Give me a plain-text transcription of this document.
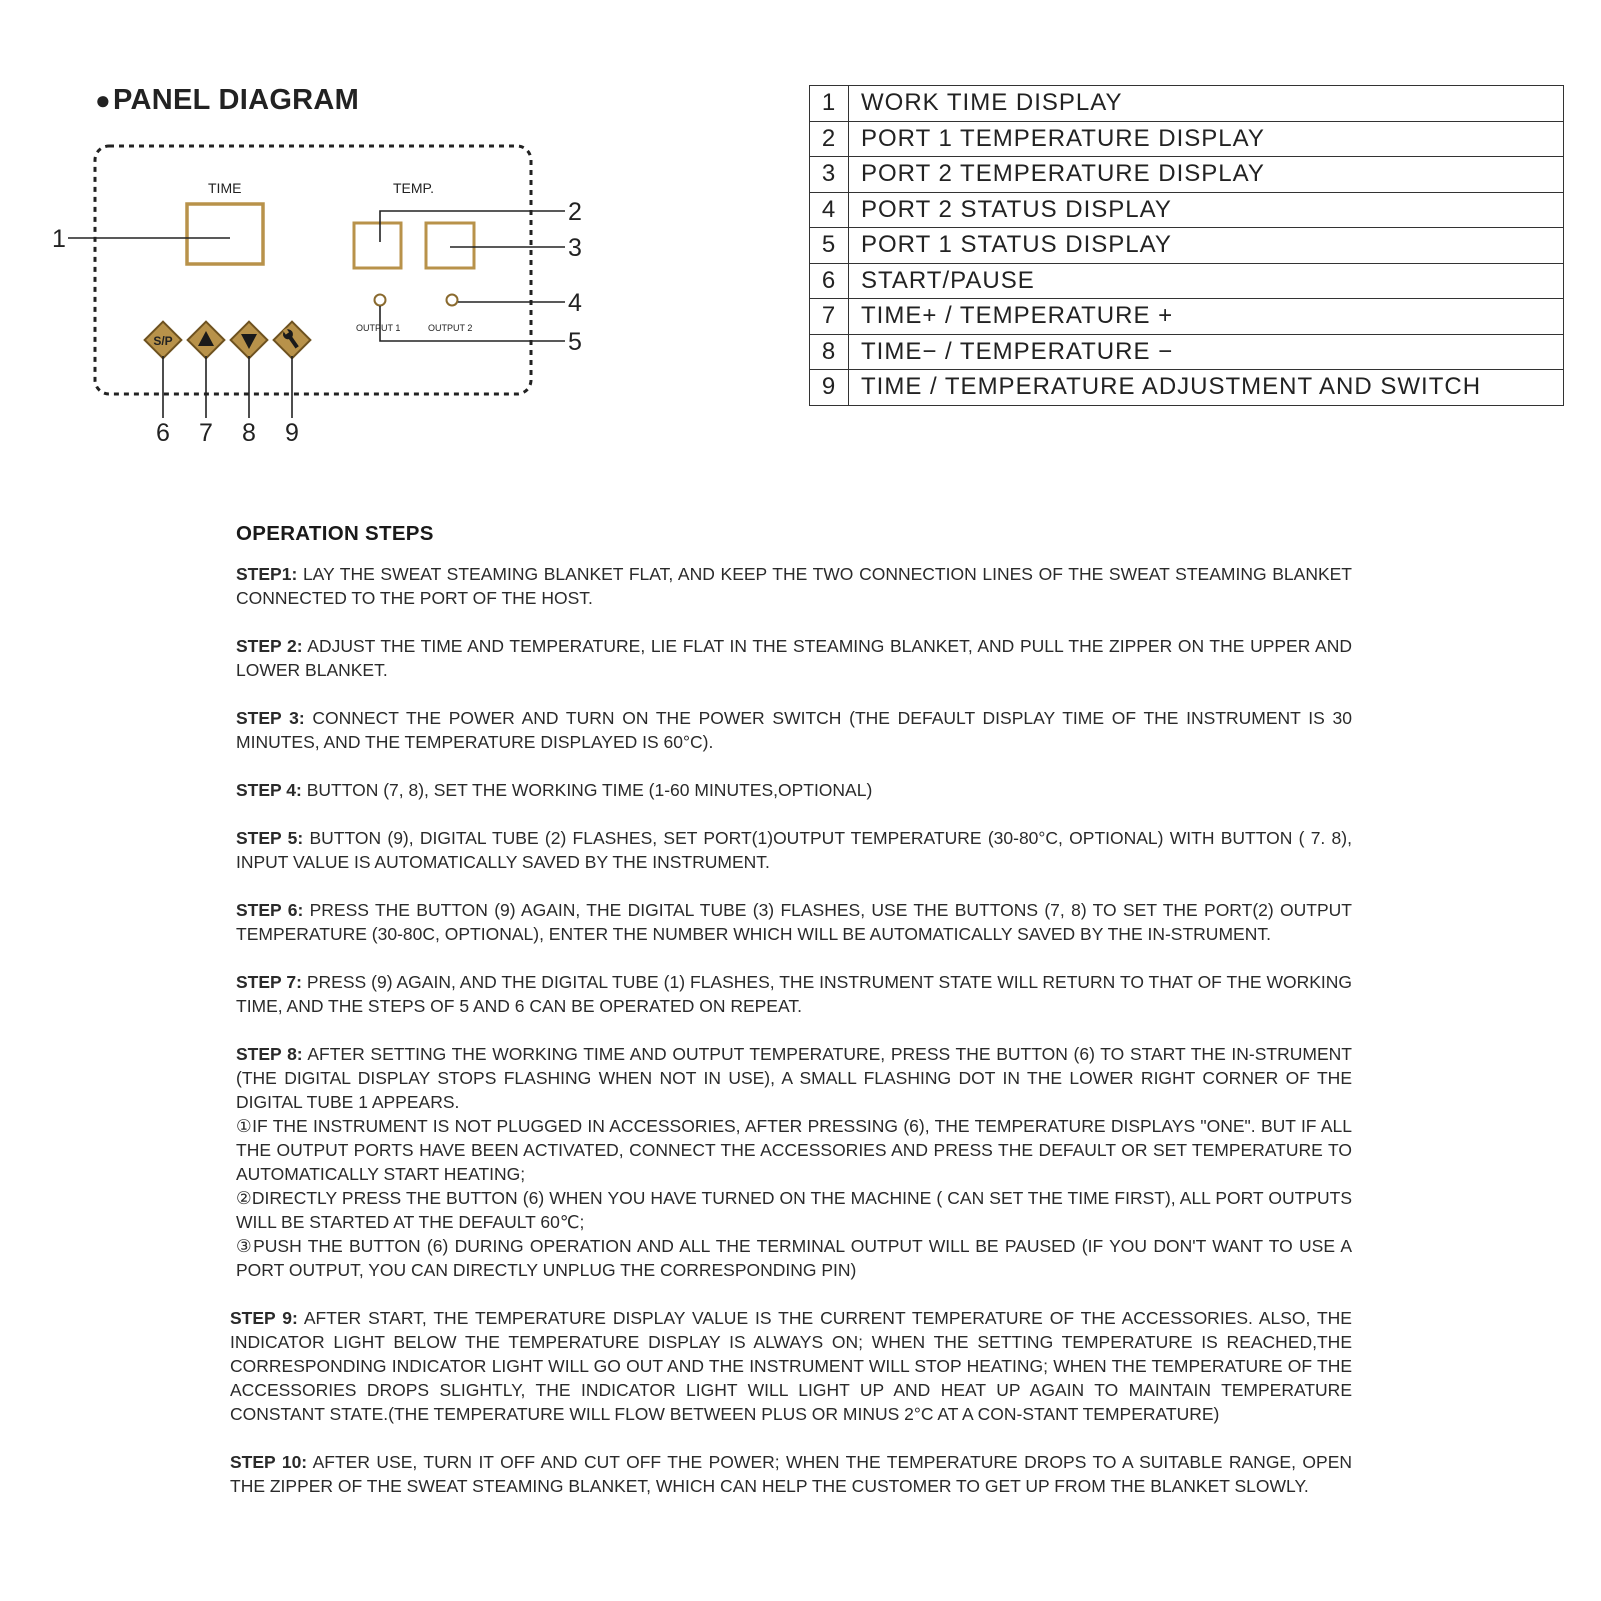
●PANEL DIAGRAM
TIME	TEMP.
OUTPUT 1	OUTPUT 2
S/P
1
2
3
4
5
6 7 8 9
1	WORK TIME DISPLAY
2	PORT 1 TEMPERATURE DISPLAY
3	PORT 2 TEMPERATURE DISPLAY
4	PORT 2 STATUS DISPLAY
5	PORT 1 STATUS DISPLAY
6	START/PAUSE
7	TIME+ / TEMPERATURE +
8	TIME− / TEMPERATURE −
9	TIME / TEMPERATURE ADJUSTMENT AND SWITCH
OPERATION STEPS
STEP1: LAY THE SWEAT STEAMING BLANKET FLAT, AND KEEP THE TWO CONNECTION LINES OF THE SWEAT STEAMING BLANKET CONNECTED TO THE PORT OF THE HOST.
STEP 2: ADJUST THE TIME AND TEMPERATURE, LIE FLAT IN THE STEAMING BLANKET, AND PULL THE ZIPPER ON THE UPPER AND LOWER BLANKET.
STEP 3: CONNECT THE POWER AND TURN ON THE POWER SWITCH (THE DEFAULT DISPLAY TIME OF THE INSTRUMENT IS 30 MINUTES, AND THE TEMPERATURE DISPLAYED IS 60°C).
STEP 4: BUTTON (7, 8), SET THE WORKING TIME (1-60 MINUTES,OPTIONAL)
STEP 5: BUTTON (9), DIGITAL TUBE (2) FLASHES, SET PORT(1)OUTPUT TEMPERATURE (30-80°C, OPTIONAL) WITH BUTTON ( 7. 8), INPUT VALUE IS AUTOMATICALLY SAVED BY THE INSTRUMENT.
STEP 6: PRESS THE BUTTON (9) AGAIN, THE DIGITAL TUBE (3) FLASHES, USE THE BUTTONS (7, 8) TO SET THE PORT(2) OUTPUT TEMPERATURE (30-80C, OPTIONAL), ENTER THE NUMBER WHICH WILL BE AUTOMATICALLY SAVED BY THE IN-STRUMENT.
STEP 7: PRESS (9) AGAIN, AND THE DIGITAL TUBE (1) FLASHES, THE INSTRUMENT STATE WILL RETURN TO THAT OF THE WORKING TIME, AND THE STEPS OF 5 AND 6 CAN BE OPERATED ON REPEAT.

STEP 8: AFTER SETTING THE WORKING TIME AND OUTPUT TEMPERATURE, PRESS THE BUTTON (6) TO START THE IN-STRUMENT (THE DIGITAL DISPLAY STOPS FLASHING WHEN NOT IN USE), A SMALL FLASHING DOT IN THE LOWER RIGHT CORNER OF THE DIGITAL TUBE 1 APPEARS.

①IF THE INSTRUMENT IS NOT PLUGGED IN ACCESSORIES, AFTER PRESSING (6), THE TEMPERATURE DISPLAYS "ONE". BUT IF ALL THE OUTPUT PORTS HAVE BEEN ACTIVATED, CONNECT THE ACCESSORIES AND PRESS THE DEFAULT OR SET TEMPERATURE TO AUTOMATICALLY START HEATING;

②DIRECTLY PRESS THE BUTTON (6) WHEN YOU HAVE TURNED ON THE MACHINE ( CAN SET THE TIME FIRST), ALL PORT OUTPUTS WILL BE STARTED AT THE DEFAULT 60℃;

③PUSH THE BUTTON (6) DURING OPERATION AND ALL THE TERMINAL OUTPUT WILL BE PAUSED (IF YOU DON'T WANT TO USE A PORT OUTPUT, YOU CAN DIRECTLY UNPLUG THE CORRESPONDING PIN)

STEP 9: AFTER START, THE TEMPERATURE DISPLAY VALUE IS THE CURRENT TEMPERATURE OF THE ACCESSORIES. ALSO, THE INDICATOR LIGHT BELOW THE TEMPERATURE DISPLAY IS ALWAYS ON; WHEN THE SETTING TEMPERATURE IS REACHED,THE CORRESPONDING INDICATOR LIGHT WILL GO OUT AND THE INSTRUMENT WILL STOP HEATING; WHEN THE TEMPERATURE OF THE ACCESSORIES DROPS SLIGHTLY, THE INDICATOR LIGHT WILL LIGHT UP AND HEAT UP AGAIN TO MAINTAIN TEMPERATURE CONSTANT STATE.(THE TEMPERATURE WILL FLOW BETWEEN PLUS OR MINUS 2°C AT A CON-STANT TEMPERATURE)
STEP 10: AFTER USE, TURN IT OFF AND CUT OFF THE POWER; WHEN THE TEMPERATURE DROPS TO A SUITABLE RANGE, OPEN THE ZIPPER OF THE SWEAT STEAMING BLANKET, WHICH CAN HELP THE CUSTOMER TO GET UP FROM THE BLANKET SLOWLY.
